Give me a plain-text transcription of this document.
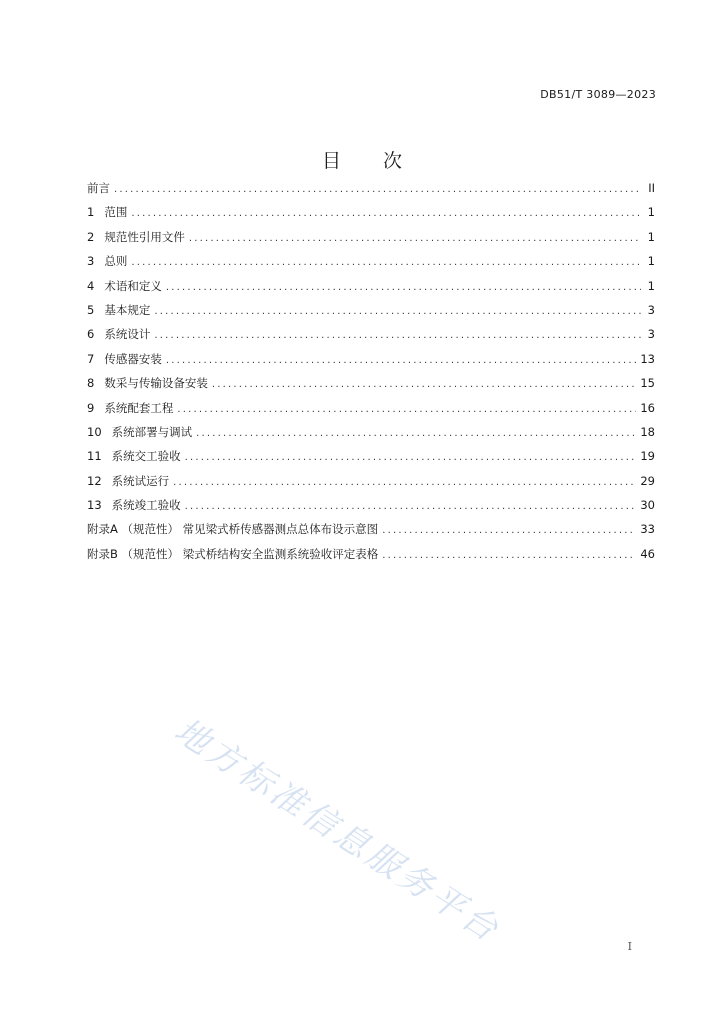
DB51/T 3089—2023
目 次
前言 .....	II
1 范围 .....	1
2 规范性引用文件 .....	1
3 总则 .....	1
4 术语和定义 .....	1
5 基本规定 .....	3
6 系统设计 .....	3
7 传感器安装 .....	13
8 数采与传输设备安装 .....	15
9 系统配套工程 .....	16
10 系统部署与调试 .....	18
11 系统交工验收 .....	19
12 系统试运行 .....	29
13 系统竣工验收 .....	30
附录A （规范性） 常见梁式桥传感器测点总体布设示意图 .....	33
附录B （规范性） 梁式桥结构安全监测系统验收评定表格 .....	46
地方标准信息服务平台	I
